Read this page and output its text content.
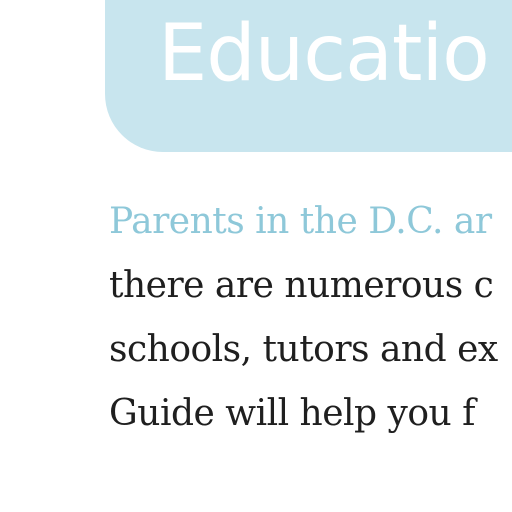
Educatio

Parents in the D.C. ar
there are numerous c
schools, tutors and ex
Guide will help you f
